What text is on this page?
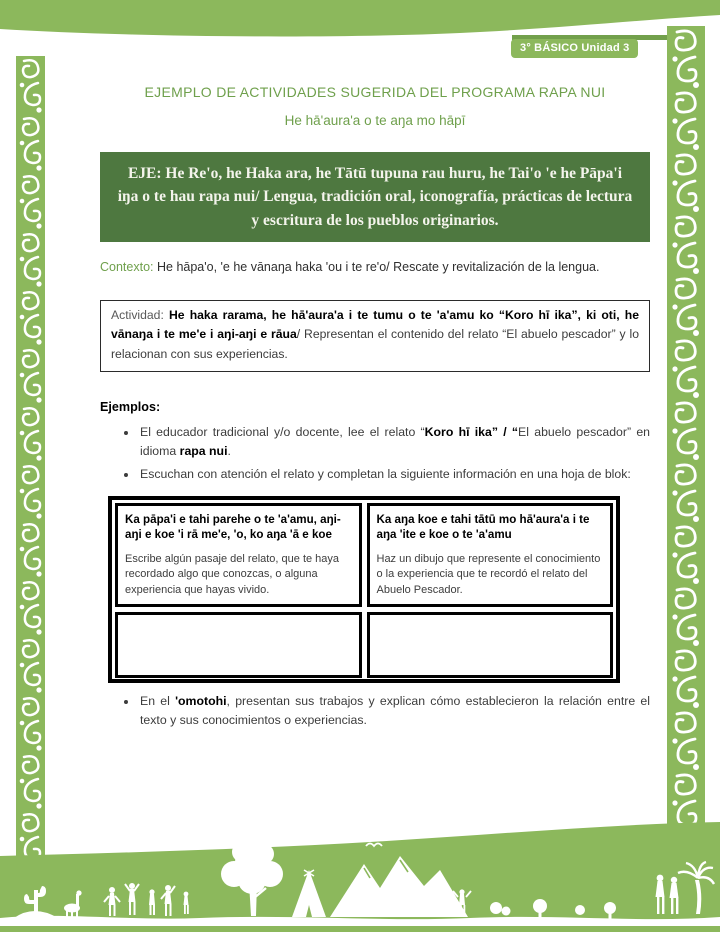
3° BÁSICO Unidad 3

EJEMPLO DE ACTIVIDADES SUGERIDA DEL PROGRAMA RAPA NUI

He hā'aura'a o te aŋa mo hāpī

EJE: He Re'o, he Haka ara, he Tātū tupuna rau huru, he Tai'o 'e he Pāpa'i iŋa o te hau rapa nui/ Lengua, tradición oral, iconografía, prácticas de lectura y escritura de los pueblos originarios.

Contexto: He hāpa'o, 'e he vānaŋa haka 'ou i te re'o/ Rescate y revitalización de la lengua.

Actividad: He haka rarama, he hā'aura'a i te tumu o te 'a'amu ko “Koro hī ika”, ki oti, he vānaŋa i te me'e i aŋi-aŋi e rāua/ Representan el contenido del relato “El abuelo pescador” y lo relacionan con sus experiencias.

Ejemplos:

• El educador tradicional y/o docente, lee el relato “Koro hī ika” / “El abuelo pescador” en idioma rapa nui.
• Escuchan con atención el relato y completan la siguiente información en una hoja de blok:
Ka pāpa'i e tahi parehe o te 'a'amu, aŋi-aŋi e koe 'i rā me'e, 'o, ko aŋa 'ā e koe
Escribe algún pasaje del relato, que te haya recordado algo que conozcas, o alguna experiencia que hayas vivido.
Ka aŋa koe e tahi tātū mo hā'aura'a i te aŋa 'ite e koe o te 'a'amu
Haz un dibujo que represente el conocimiento o la experiencia que te recordó el relato del Abuelo Pescador.
• En el 'omotohi, presentan sus trabajos y explican cómo establecieron la relación entre el texto y sus conocimientos o experiencias.
